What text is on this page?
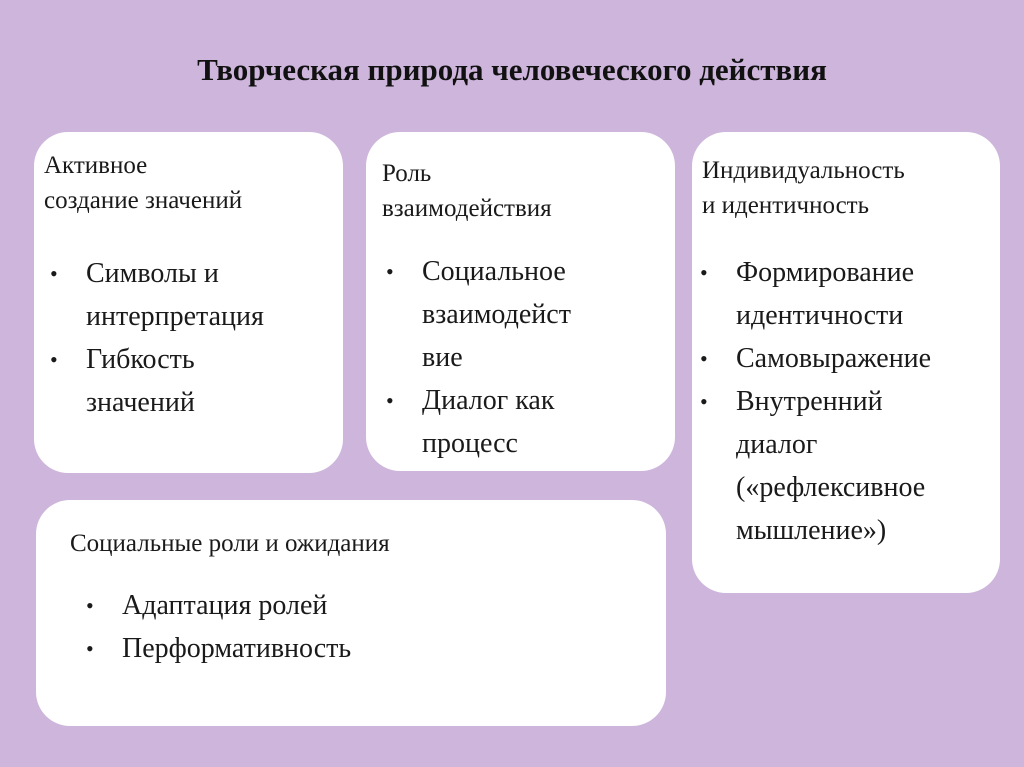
Творческая природа человеческого действия
Активное
создание значений
• Символы и
интерпретация
• Гибкость
значений
Роль
взаимодействия
• Социальное
взаимодейст
вие
• Диалог как
процесс
Индивидуальность
и идентичность
• Формирование
идентичности
• Самовыражение
• Внутренний
диалог
(«рефлексивное
мышление»)
Социальные роли и ожидания
• Адаптация ролей
• Перформативность
